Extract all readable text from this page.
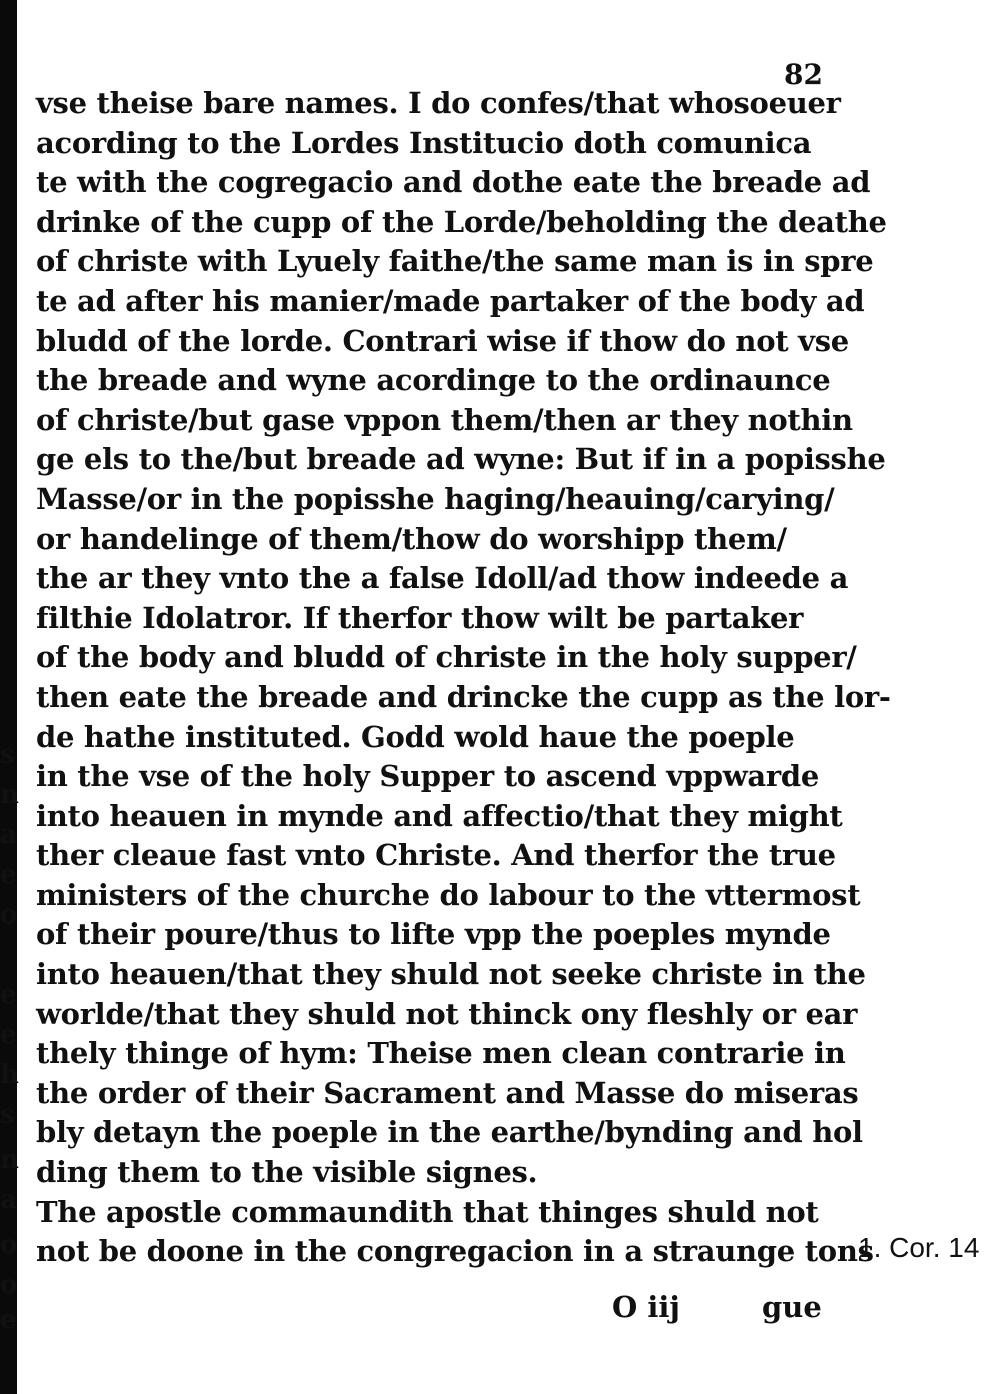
s
n
a
e
o
e
e
h
s
n
a
o
o
e
82
vse theise bare names. I do confes/that whosoeuer
acording to the Lordes Institucio doth comunica
te with the cogregacio and dothe eate the breade ad
drinke of the cupp of the Lorde/beholding the deathe
of christe with Lyuely faithe/the same man is in spre
te ad after his manier/made partaker of the body ad
bludd of the lorde. Contrari wise if thow do not vse
the breade and wyne acordinge to the ordinaunce
of christe/but gase vppon them/then ar they nothin
ge els to the/but breade ad wyne: But if in a popisshe
Masse/or in the popisshe haging/heauing/carying/
or handelinge of them/thow do worshipp them/
the ar they vnto the a false Idoll/ad thow indeede a
filthie Idolatror. If therfor thow wilt be partaker
of the body and bludd of christe in the holy supper/
then eate the breade and drincke the cupp as the lor-
de hathe instituted. Godd wold haue the poeple
in the vse of the holy Supper to ascend vppwarde
into heauen in mynde and affectio/that they might
ther cleaue fast vnto Christe. And therfor the true
ministers of the churche do labour to the vttermost
of their poure/thus to lifte vpp the poeples mynde
into heauen/that they shuld not seeke christe in the
worlde/that they shuld not thinck ony fleshly or ear
thely thinge of hym: Theise men clean contrarie in
the order of their Sacrament and Masse do miseras
bly detayn the poeple in the earthe/bynding and hol
ding them to the visible signes.
The apostle commaundith that thinges shuld not
not be doone in the congregacion in a straunge tons
1. Cor. 14
O iij	gue
